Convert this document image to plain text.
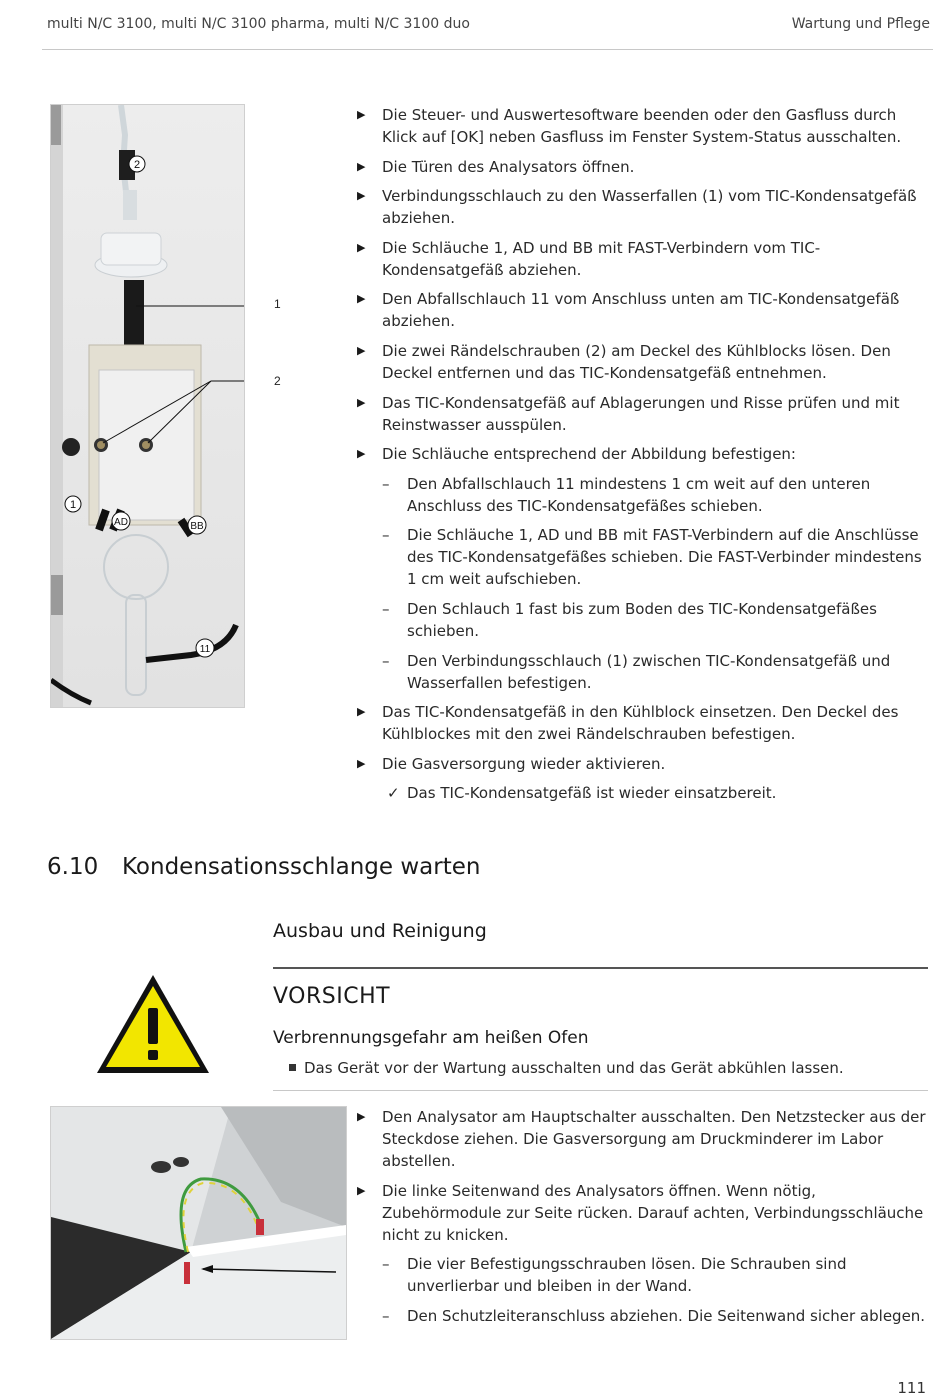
multi N/C 3100, multi N/C 3100 pharma, multi N/C 3100 duo	Wartung und Pflege
2
1
AD	BB
11
1
2
▶	Die Steuer- und Auswertesoftware beenden oder den Gasfluss durch Klick auf [OK] neben Gasfluss im Fenster System-Status ausschalten.
▶	Die Türen des Analysators öffnen.
▶	Verbindungsschlauch zu den Wasserfallen (1) vom TIC-Kondensatgefäß abziehen.
▶	Die Schläuche 1, AD und BB mit FAST-Verbindern vom TIC-Kondensatgefäß abziehen.
▶	Den Abfallschlauch 11 vom Anschluss unten am TIC-Kondensatgefäß abziehen.
▶	Die zwei Rändelschrauben (2) am Deckel des Kühlblocks lösen. Den Deckel entfernen und das TIC-Kondensatgefäß entnehmen.
▶	Das TIC-Kondensatgefäß auf Ablagerungen und Risse prüfen und mit Reinstwasser ausspülen.
▶	Die Schläuche entsprechend der Abbildung befestigen:
–	Den Abfallschlauch 11 mindestens 1 cm weit auf den unteren Anschluss des TIC-Kondensatgefäßes schieben.
–	Die Schläuche 1, AD und BB mit FAST-Verbindern auf die Anschlüsse des TIC-Kondensatgefäßes schieben. Die FAST-Verbinder mindestens 1 cm weit aufschieben.
–	Den Schlauch 1 fast bis zum Boden des TIC-Kondensatgefäßes schieben.
–	Den Verbindungsschlauch (1) zwischen TIC-Kondensatgefäß und Wasserfallen befestigen.
▶	Das TIC-Kondensatgefäß in den Kühlblock einsetzen. Den Deckel des Kühlblockes mit den zwei Rändelschrauben befestigen.
▶	Die Gasversorgung wieder aktivieren.
✓ Das TIC-Kondensatgefäß ist wieder einsatzbereit.
6.10 Kondensationsschlange warten
Ausbau und Reinigung
VORSICHT
Verbrennungsgefahr am heißen Ofen
Das Gerät vor der Wartung ausschalten und das Gerät abkühlen lassen.
▶	Den Analysator am Hauptschalter ausschalten. Den Netzstecker aus der Steckdose ziehen. Die Gasversorgung am Druckminderer im Labor abstellen.
▶	Die linke Seitenwand des Analysators öffnen. Wenn nötig, Zubehörmodule zur Seite rücken. Darauf achten, Verbindungsschläuche nicht zu knicken.
–	Die vier Befestigungsschrauben lösen. Die Schrauben sind unverlierbar und bleiben in der Wand.
–	Den Schutzleiteranschluss abziehen. Die Seitenwand sicher ablegen.
111
